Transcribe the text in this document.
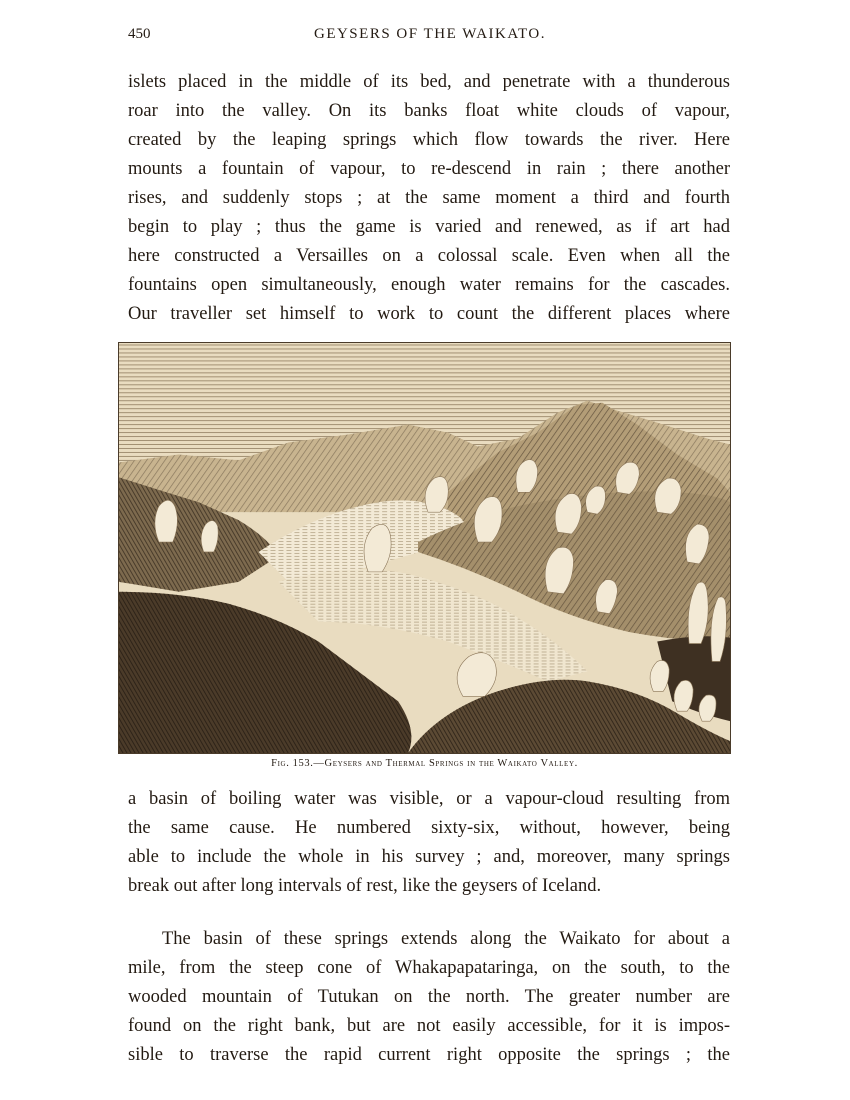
450	GEYSERS OF THE WAIKATO.

islets placed in the middle of its bed, and penetrate with a thunderous
roar into the valley. On its banks float white clouds of vapour,
created by the leaping springs which flow towards the river. Here
mounts a fountain of vapour, to re-descend in rain ; there another
rises, and suddenly stops ; at the same moment a third and fourth
begin to play ; thus the game is varied and renewed, as if art had
here constructed a Versailles on a colossal scale. Even when all the
fountains open simultaneously, enough water remains for the cascades.
Our traveller set himself to work to count the different places where

Fig. 153.—Geysers and Thermal Springs in the Waikato Valley.

a basin of boiling water was visible, or a vapour-cloud resulting from
the same cause. He numbered sixty-six, without, however, being
able to include the whole in his survey ; and, moreover, many springs
break out after long intervals of rest, like the geysers of Iceland.

The basin of these springs extends along the Waikato for about a
mile, from the steep cone of Whakapapataringa, on the south, to the
wooded mountain of Tutukan on the north. The greater number are
found on the right bank, but are not easily accessible, for it is impos-
sible to traverse the rapid current right opposite the springs ; the
